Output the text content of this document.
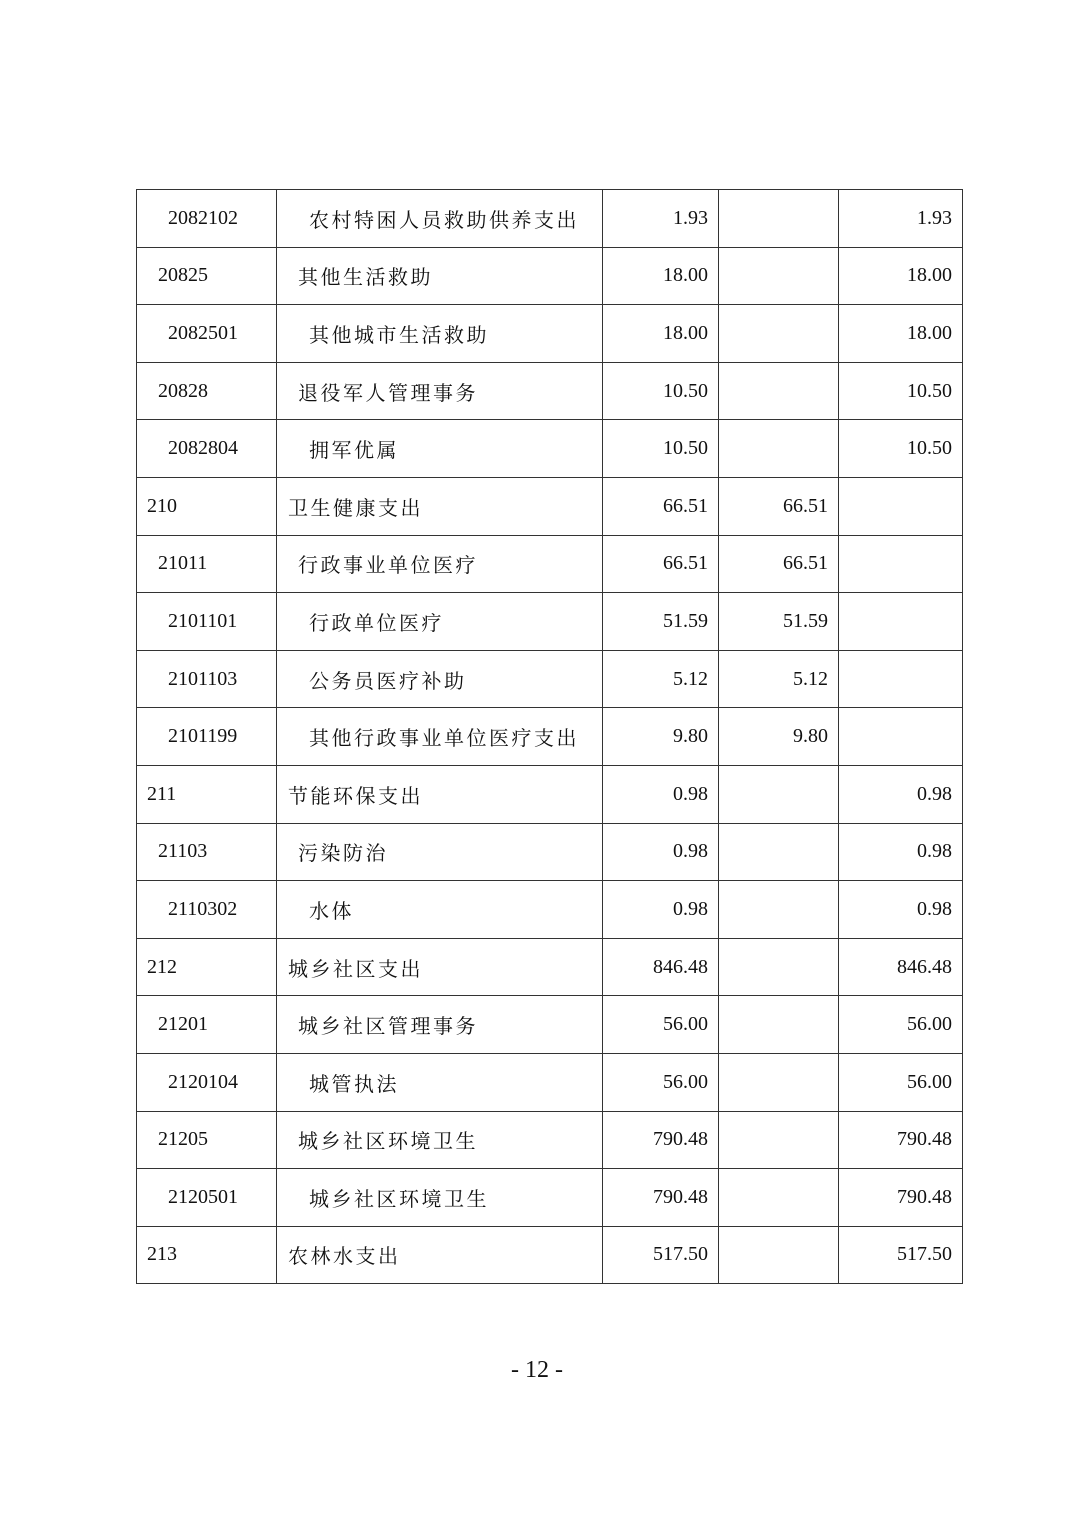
2082102	农村特困人员救助供养支出	1.93		1.93
20825	其他生活救助	18.00		18.00
2082501	其他城市生活救助	18.00		18.00
20828	退役军人管理事务	10.50		10.50
2082804	拥军优属	10.50		10.50
210	卫生健康支出	66.51	66.51	
21011	行政事业单位医疗	66.51	66.51	
2101101	行政单位医疗	51.59	51.59	
2101103	公务员医疗补助	5.12	5.12	
2101199	其他行政事业单位医疗支出	9.80	9.80	
211	节能环保支出	0.98		0.98
21103	污染防治	0.98		0.98
2110302	水体	0.98		0.98
212	城乡社区支出	846.48		846.48
21201	城乡社区管理事务	56.00		56.00
2120104	城管执法	56.00		56.00
21205	城乡社区环境卫生	790.48		790.48
2120501	城乡社区环境卫生	790.48		790.48
213	农林水支出	517.50		517.50
- 12 -
